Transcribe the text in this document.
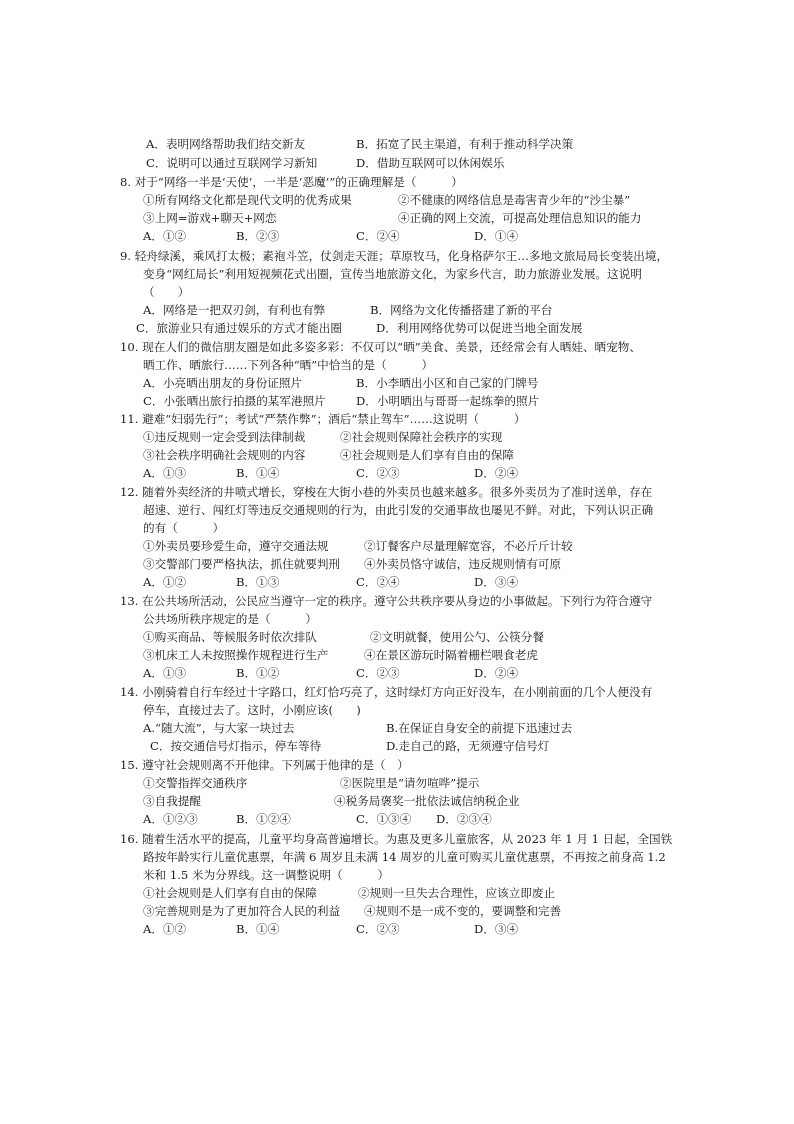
A．表明网络帮助我们结交新友	B．拓宽了民主渠道，有利于推动科学决策
C．说明可以通过互联网学习新知	D．借助互联网可以休闲娱乐
8. 对于“网络一半是‘天使’，一半是‘恶魔’”的正确理解是（　　　）
①所有网络文化都是现代文明的优秀成果	②不健康的网络信息是毒害青少年的“沙尘暴”
③上网=游戏+聊天+网恋	④正确的网上交流，可提高处理信息知识的能力
A．①②	B．②③	C．②④	D．①④
9. 轻舟绿溪，乘风打太极；素袍斗笠，仗剑走天涯；草原牧马，化身格萨尔王…多地文旅局局长变装出境，
变身“网红局长”利用短视频花式出圈，宣传当地旅游文化，为家乡代言，助力旅游业发展。这说明
（　　）
A．网络是一把双刃剑，有利也有弊	B．网络为文化传播搭建了新的平台
C．旅游业只有通过娱乐的方式才能出圈	D．利用网络优势可以促进当地全面发展
10. 现在人们的微信朋友圈是如此多姿多彩：不仅可以“晒”美食、美景，还经常会有人晒娃、晒宠物、
晒工作、晒旅行……下列各种“晒”中恰当的是（　　　）
A．小亮晒出朋友的身份证照片	B．小李晒出小区和自己家的门牌号
C．小张晒出旅行拍摄的某军港照片	D．小明晒出与哥哥一起练拳的照片
11. 避难“妇弱先行”；考试“严禁作弊”；酒后“禁止驾车”……这说明（　　　）
①违反规则一定会受到法律制裁	②社会规则保障社会秩序的实现
③社会秩序明确社会规则的内容	④社会规则是人们享有自由的保障
A．①③	B．①④	C．②③	D．②④
12. 随着外卖经济的井喷式增长，穿梭在大街小巷的外卖员也越来越多。很多外卖员为了准时送单，存在
超速、逆行、闯红灯等违反交通规则的行为，由此引发的交通事故也屡见不鲜。对此，下列认识正确
的有（　　　）
①外卖员要珍爱生命，遵守交通法规	②订餐客户尽量理解宽容，不必斤斤计较
③交警部门要严格执法，抓住就要判刑 ④外卖员恪守诚信，违反规则情有可原
A．①②	B．①③	C．②④	D．③④
13. 在公共场所活动，公民应当遵守一定的秩序。遵守公共秩序要从身边的小事做起。下列行为符合遵守
公共场所秩序规定的是（　　　）
①购买商品、等候服务时依次排队	②文明就餐，使用公勺、公筷分餐
③机床工人未按照操作规程进行生产	④在景区游玩时隔着栅栏喂食老虎
A．①③	B．①②	C．②③	D．②④
14. 小刚骑着自行车经过十字路口，红灯恰巧亮了，这时绿灯方向正好没车，在小刚前面的几个人便没有
停车，直接过去了。这时，小刚应该(　　)
A.“随大流”，与大家一块过去	B.在保证自身安全的前提下迅速过去
C．按交通信号灯指示，停车等待	D.走自己的路，无须遵守信号灯
15. 遵守社会规则离不开他律。下列属于他律的是（　）
①交警指挥交通秩序	②医院里是“请勿喧哗”提示
③自我提醒	④税务局褒奖一批依法诚信纳税企业
A．①②③	B．①②④	C．①③④ D．②③④
16. 随着生活水平的提高，儿童平均身高普遍增长。为惠及更多儿童旅客，从 2023 年 1 月 1 日起，全国铁
路按年龄实行儿童优惠票，年满 6 周岁且未满 14 周岁的儿童可购买儿童优惠票，不再按之前身高 1.2
米和 1.5 米为分界线。这一调整说明（　　　）
①社会规则是人们享有自由的保障	②规则一旦失去合理性，应该立即废止
③完善规则是为了更加符合人民的利益 ④规则不是一成不变的，要调整和完善
A．①②	B．①④	C．②③	D．③④
